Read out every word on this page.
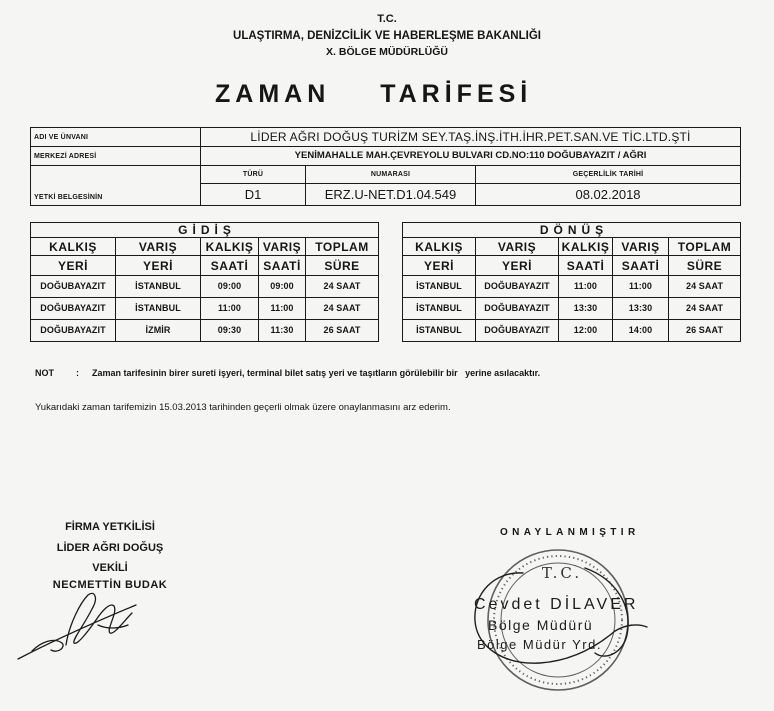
T.C.
ULAŞTIRMA, DENİZCİLİK VE HABERLEŞME BAKANLIĞI
X. BÖLGE MÜDÜRLÜĞÜ
ZAMAN TARİFESİ
ADI VE ÜNVANI	LİDER AĞRI DOĞUŞ TURİZM SEY.TAŞ.İNŞ.İTH.İHR.PET.SAN.VE TİC.LTD.ŞTİ		
MERKEZİ ADRESİ	YENİMAHALLE MAH.ÇEVREYOLU BULVARI CD.NO:110 DOĞUBAYAZIT / AĞRI		
YETKİ BELGESİNİN	TÜRÜ	NUMARASI	GEÇERLİLİK TARİHİ
	D1	ERZ.U-NET.D1.04.549	08.02.2018
GİDİŞ				
KALKIŞ	VARIŞ	KALKIŞ	VARIŞ	TOPLAM
YERİ	YERİ	SAATİ	SAATİ	SÜRE
DOĞUBAYAZIT	İSTANBUL	09:00	09:00	24 SAAT
DOĞUBAYAZIT	İSTANBUL	11:00	11:00	24 SAAT
DOĞUBAYAZIT	İZMİR	09:30	11:30	26 SAAT
DÖNÜŞ				
KALKIŞ	VARIŞ	KALKIŞ	VARIŞ	TOPLAM
YERİ	YERİ	SAATİ	SAATİ	SÜRE
İSTANBUL	DOĞUBAYAZIT	11:00	11:00	24 SAAT
İSTANBUL	DOĞUBAYAZIT	13:30	13:30	24 SAAT
İSTANBUL	DOĞUBAYAZIT	12:00	14:00	26 SAAT
NOT : Zaman tarifesinin birer sureti işyeri, terminal bilet satış yeri ve taşıtların görülebilir bir   yerine asılacaktır.
Yukarıdaki zaman tarifemizin 15.03.2013 tarihinden geçerli olmak üzere onaylanmasını arz ederim.
FİRMA YETKİLİSİ
LİDER AĞRI DOĞUŞ
VEKİLİ
NECMETTİN BUDAK
ONAYLANMIŞTIR
T.C.
Cevdet DİLAVER
Bölge Müdürü
Bölge Müdür Yrd.
